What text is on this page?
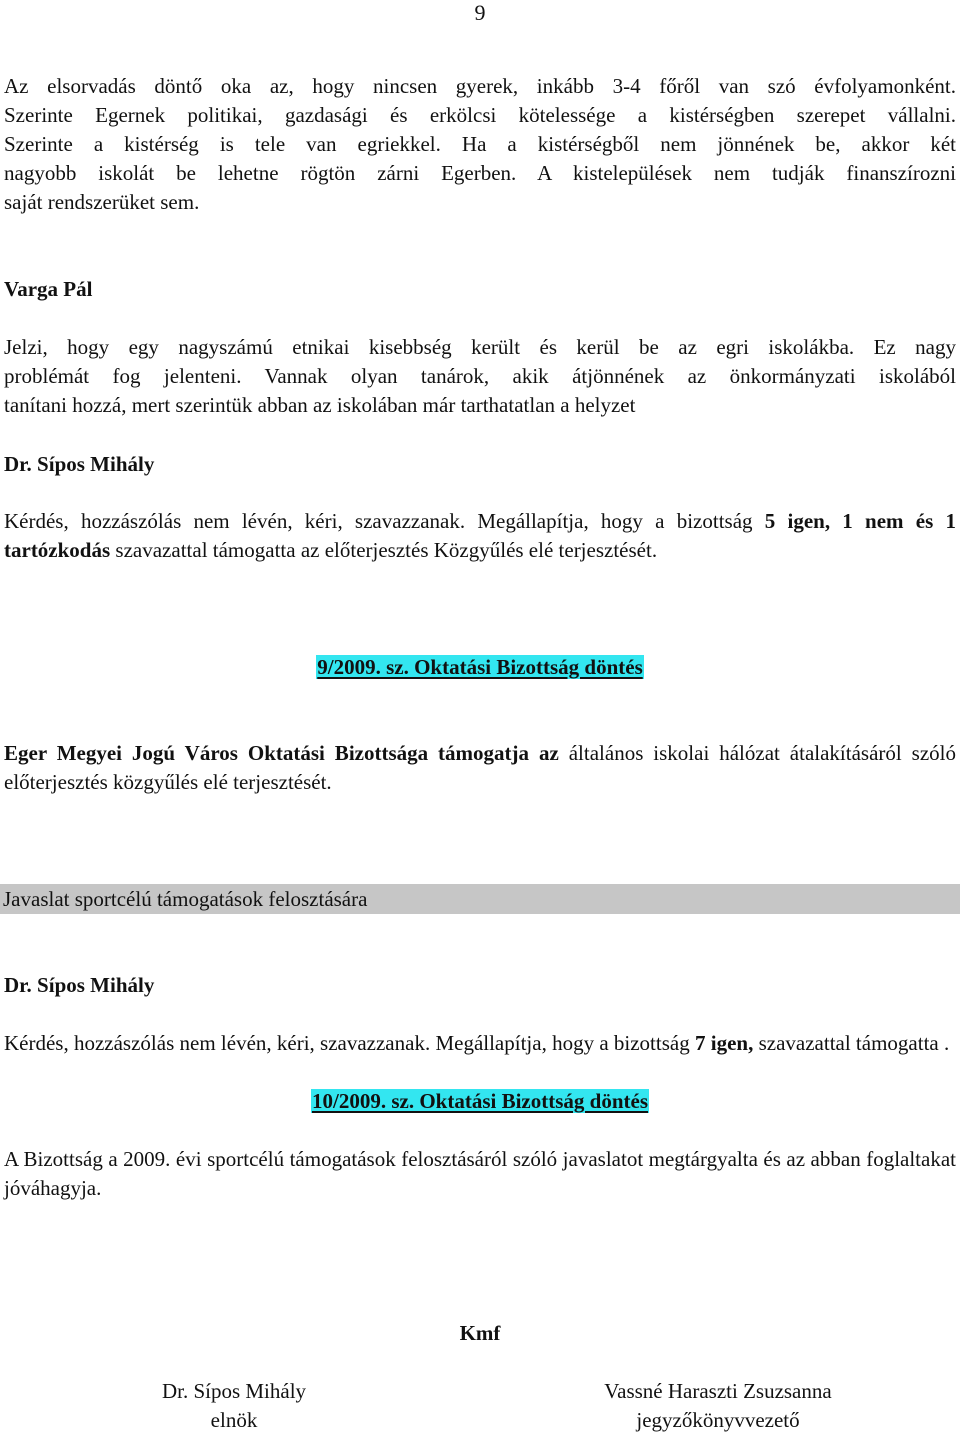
9
Az elsorvadás döntő oka az, hogy nincsen gyerek, inkább 3-4 főről van szó évfolyamonként.
Szerinte Egernek politikai, gazdasági és erkölcsi kötelessége a kistérségben szerepet vállalni.
Szerinte a kistérség is tele van egriekkel. Ha a kistérségből nem jönnének be, akkor két
nagyobb iskolát be lehetne rögtön zárni Egerben. A kistelepülések nem tudják finanszírozni
saját rendszerüket sem.
Varga Pál
Jelzi, hogy egy nagyszámú etnikai kisebbség került és kerül be az egri iskolákba. Ez nagy
problémát fog jelenteni. Vannak olyan tanárok, akik átjönnének az önkormányzati iskolából
tanítani hozzá, mert szerintük abban az iskolában már tarthatatlan a helyzet
Dr. Sípos Mihály
Kérdés, hozzászólás nem lévén, kéri, szavazzanak. Megállapítja, hogy a bizottság 5 igen, 1 nem és 1 tartózkodás szavazattal támogatta az előterjesztés Közgyűlés elé terjesztését.
9/2009. sz. Oktatási Bizottság döntés
Eger Megyei Jogú Város Oktatási Bizottsága támogatja az általános iskolai hálózat átalakításáról szóló előterjesztés közgyűlés elé terjesztését.
Javaslat sportcélú támogatások felosztására
Dr. Sípos Mihály
Kérdés, hozzászólás nem lévén, kéri, szavazzanak. Megállapítja, hogy a bizottság 7 igen, szavazattal támogatta .
10/2009. sz. Oktatási Bizottság döntés
A Bizottság a 2009. évi sportcélú támogatások felosztásáról szóló javaslatot megtárgyalta és az abban foglaltakat jóváhagyja.
Kmf
Dr. Sípos Mihály
elnök
Vassné Haraszti Zsuzsanna
jegyzőkönyvvezető
